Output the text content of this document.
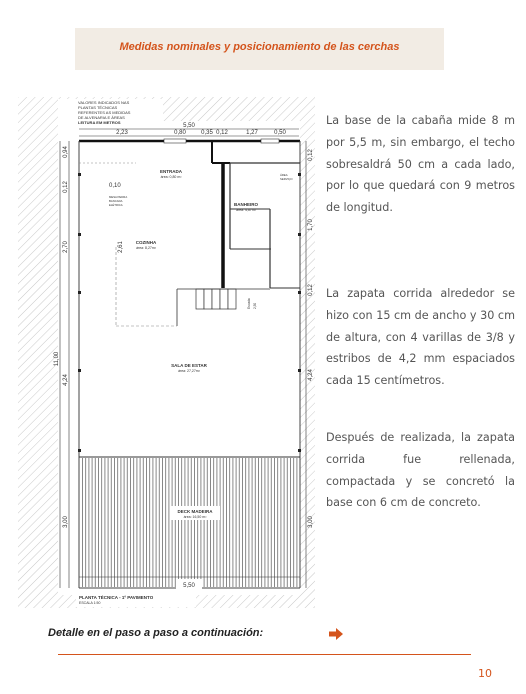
Medidas nominales y posicionamiento de las cerchas
VALORES INDICADOS NAS
PLANTAS TÉCNICAS
REFERENTES AS MEDIDAS
DE ALVENARIA E ÁREAS
LEITURA EM METROS
5,50
2,23	0,80	0,35 0,12	1,27	0,50
ENTRADA
área: 0,80 m²
COZINHA
área: 8,27m²
BANHEIRO
área: 4,67m²
SALA DE ESTAR
área: 27,27m²
DECK MADEIRA
área: 16,50 m²
MESA PEDRA
BANCADA
ELÉTRICA
ÁREA
SERVIÇO
Escada 2,50
0,10
2,61
11,00
0,94
0,12
2,70
4,24
3,00
0,12
1,70
0,12
4,24
3,00
5,50
PLANTA TÉCNICA - 1º PAVIMENTO
ESCALA 1:50

La base de la cabaña mide 8 m por 5,5 m, sin embargo, el techo sobresaldrá 50 cm a cada lado, por lo que quedará con 9 metros de longitud.

La zapata corrida alrededor se hizo con 15 cm de ancho y 30 cm de altura, con 4 varillas de 3/8 y estribos de 4,2 mm espaciados cada 15 centímetros.

Después de realizada, la zapata corrida fue rellenada, compactada y se concretó la base con 6 cm de concreto.

Detalle en el paso a paso a continuación:
10
